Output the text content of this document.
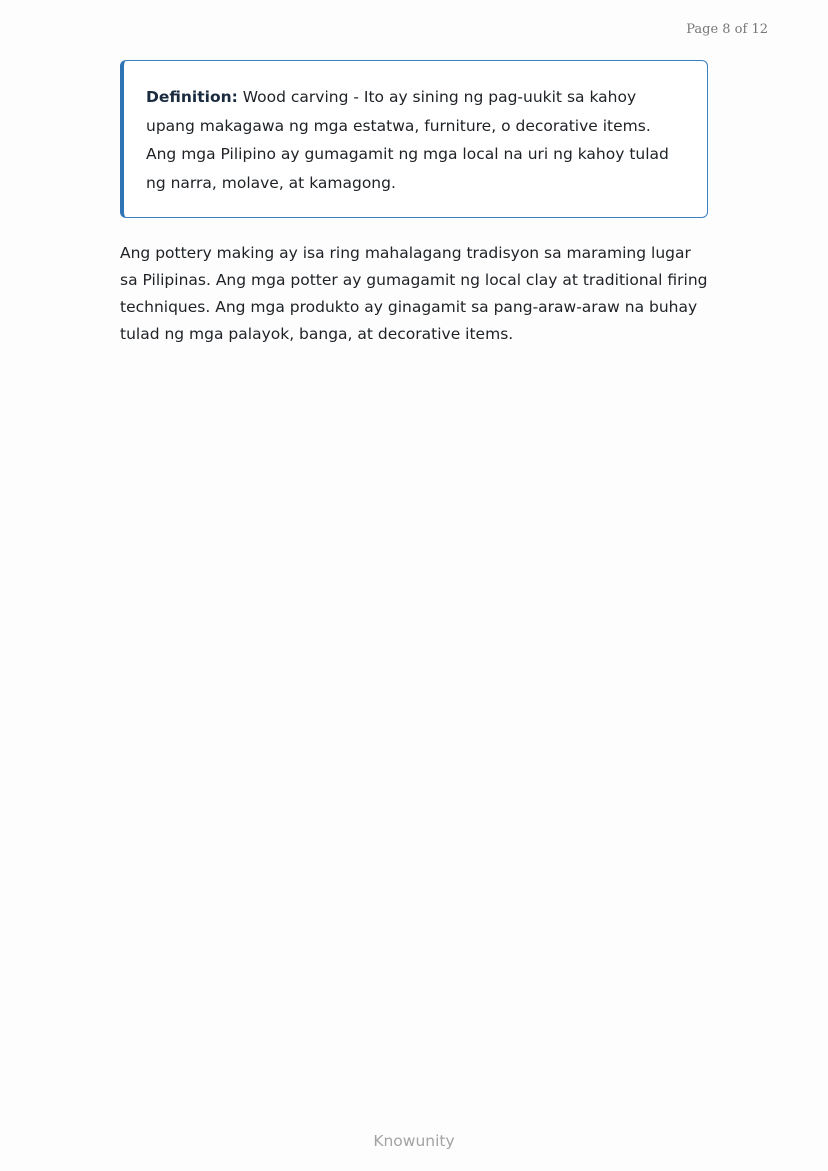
Page 8 of 12

Definition: Wood carving - Ito ay sining ng pag-uukit sa kahoy upang makagawa ng mga estatwa, furniture, o decorative items. Ang mga Pilipino ay gumagamit ng mga local na uri ng kahoy tulad ng narra, molave, at kamagong.

Ang pottery making ay isa ring mahalagang tradisyon sa maraming lugar sa Pilipinas. Ang mga potter ay gumagamit ng local clay at traditional firing techniques. Ang mga produkto ay ginagamit sa pang-araw-araw na buhay tulad ng mga palayok, banga, at decorative items.

Knowunity
